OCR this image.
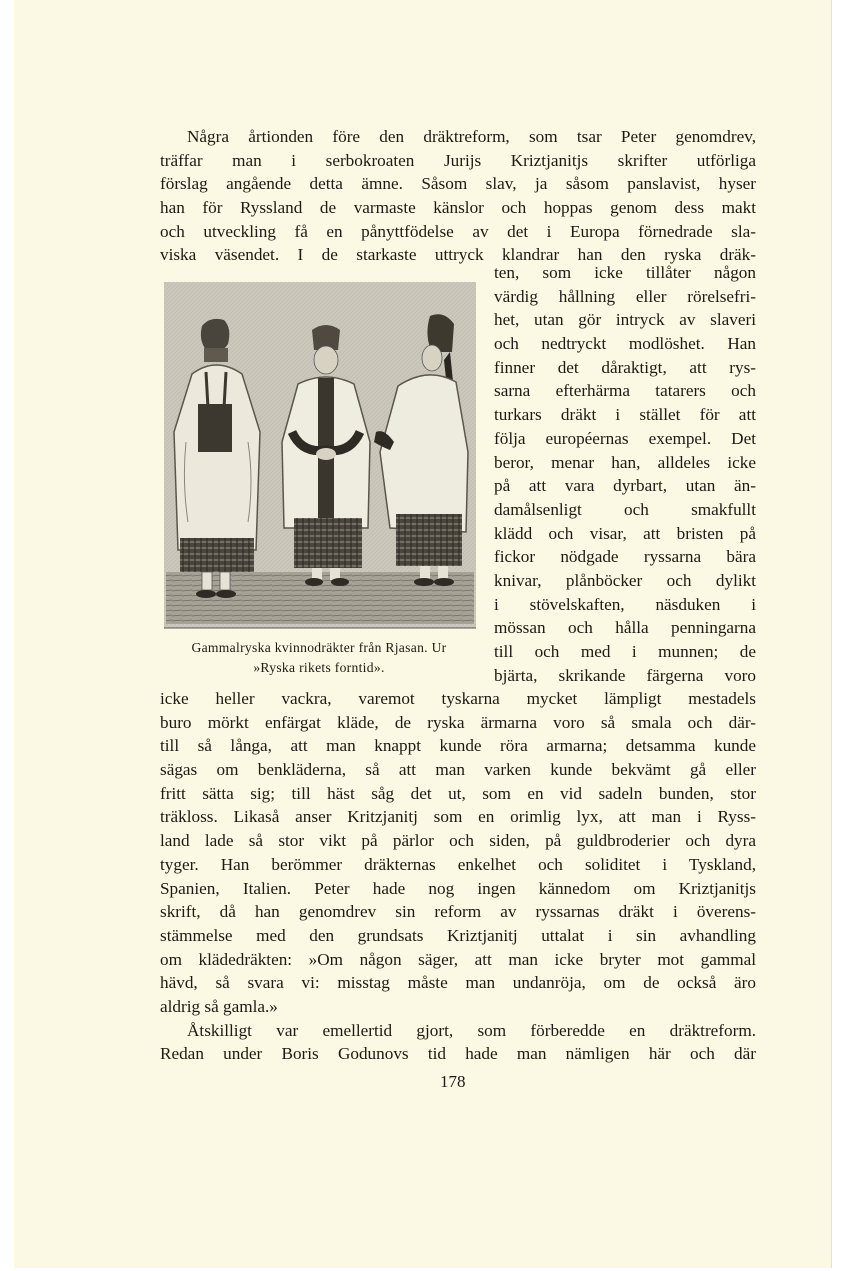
Några årtionden före den dräktreform, som tsar Peter genomdrev,
träffar man i serbokroaten Jurijs Kriztjanitjs skrifter utförliga
förslag angående detta ämne. Såsom slav, ja såsom panslavist, hyser
han för Ryssland de varmaste känslor och hoppas genom dess makt
och utveckling få en pånyttfödelse av det i Europa förnedrade sla-
viska väsendet. I de starkaste uttryck klandrar han den ryska dräk-
ten, som icke tillåter någon
värdig hållning eller rörelsefri-
het, utan gör intryck av slaveri
och nedtryckt modlöshet. Han
finner det dåraktigt, att rys-
sarna efterhärma tatarers och
turkars dräkt i stället för att
följa européernas exempel. Det
beror, menar han, alldeles icke
på att vara dyrbart, utan än-
damålsenligt och smakfullt
klädd och visar, att bristen på
fickor nödgade ryssarna bära
knivar, plånböcker och dylikt
i stövelskaften, näsduken i
mössan och hålla penningarna
till och med i munnen; de
bjärta, skrikande färgerna voro
Gammalryska kvinnodräkter från Rjasan. Ur
»Ryska rikets forntid».
icke heller vackra, varemot tyskarna mycket lämpligt mestadels
buro mörkt enfärgat kläde, de ryska ärmarna voro så smala och där-
till så långa, att man knappt kunde röra armarna; detsamma kunde
sägas om benkläderna, så att man varken kunde bekvämt gå eller
fritt sätta sig; till häst såg det ut, som en vid sadeln bunden, stor
träkloss. Likaså anser Kritzjanitj som en orimlig lyx, att man i Ryss-
land lade så stor vikt på pärlor och siden, på guldbroderier och dyra
tyger. Han berömmer dräkternas enkelhet och soliditet i Tyskland,
Spanien, Italien. Peter hade nog ingen kännedom om Kriztjanitjs
skrift, då han genomdrev sin reform av ryssarnas dräkt i överens-
stämmelse med den grundsats Kriztjanitj uttalat i sin avhandling
om klädedräkten: »Om någon säger, att man icke bryter mot gammal
hävd, så svara vi: misstag måste man undanröja, om de också äro
aldrig så gamla.»
Åtskilligt var emellertid gjort, som förberedde en dräktreform.
Redan under Boris Godunovs tid hade man nämligen här och där
178
